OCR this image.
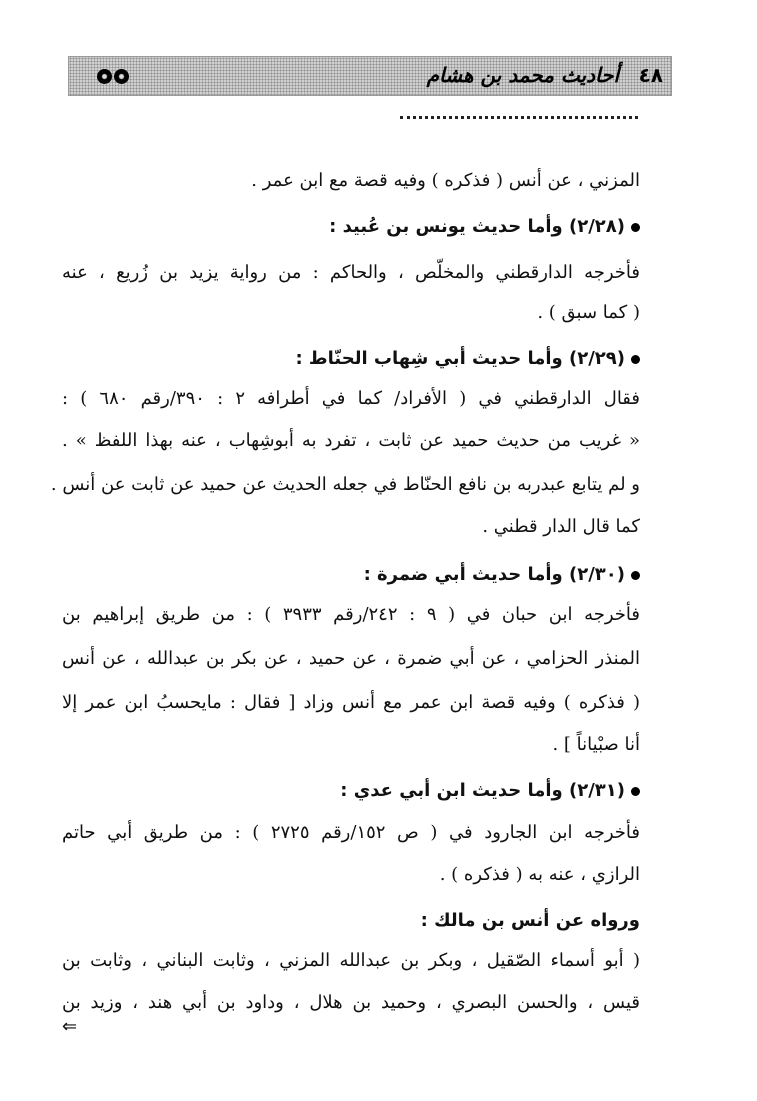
٤٨
أحاديث محمد بن هشام
المزني ، عن أنس ( فذكره ) وفيه قصة مع ابن عمر .
(٢/٢٨) وأما حديث يونس بن عُبيد :
فأخرجه الدارقطني والمخلّص ، والحاكم : من رواية يزيد بن زُريع ، عنه
( كما سبق ) .
(٢/٢٩) وأما حديث أبي شِهاب الحنّاط :
فقال الدارقطني في ( الأفراد/ كما في أطرافه ٢ : ٣٩٠/رقم ٦٨٠ ) :
« غريب من حديث حميد عن ثابت ، تفرد به أبوشِهاب ، عنه بهذا اللفظ » .
و لم يتابع عبدربه بن نافع الحنّاط في جعله الحديث عن حميد عن ثابت عن أنس .
كما قال الدار قطني .
(٢/٣٠) وأما حديث أبي ضمرة :
فأخرجه ابن حبان في ( ٩ : ٢٤٢/رقم ٣٩٣٣ ) : من طريق إبراهيم بن
المنذر الحزامي ، عن أبي ضمرة ، عن حميد ، عن بكر بن عبدالله ، عن أنس
( فذكره ) وفيه قصة ابن عمر مع أنس وزاد [ فقال : مايحسبُ ابن عمر إلا
أنا صبْياناً ] .
(٢/٣١) وأما حديث ابن أبي عدي :
فأخرجه ابن الجارود في ( ص ١٥٢/رقم ٢٧٢٥ ) : من طريق أبي حاتم
الرازي ، عنه به ( فذكره ) .
ورواه عن أنس بن مالك :
( أبو أسماء الصّقيل ، وبكر بن عبدالله المزني ، وثابت البناني ، وثابت بن
قيس ، والحسن البصري ، وحميد بن هلال ، وداود بن أبي هند ، وزيد بن
⇐
